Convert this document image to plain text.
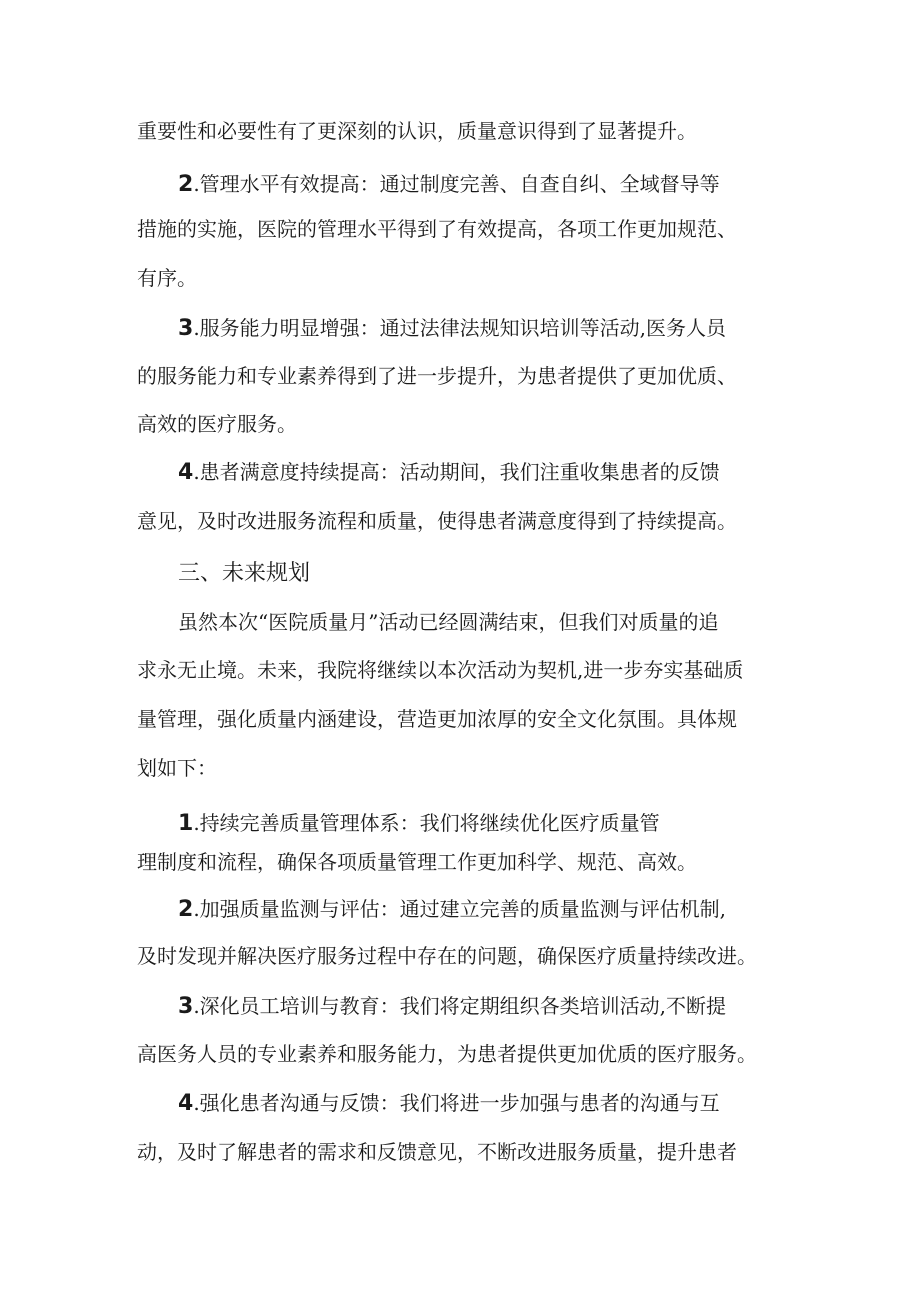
重要性和必要性有了更深刻的认识，质量意识得到了显著提升。
2.管理水平有效提高：通过制度完善、自查自纠、全域督导等
措施的实施，医院的管理水平得到了有效提高，各项工作更加规范、
有序。
3.服务能力明显增强：通过法律法规知识培训等活动,医务人员
的服务能力和专业素养得到了进一步提升，为患者提供了更加优质、
高效的医疗服务。
4.患者满意度持续提高：活动期间，我们注重收集患者的反馈
意见，及时改进服务流程和质量，使得患者满意度得到了持续提高。
三、未来规划
虽然本次“医院质量月”活动已经圆满结束，但我们对质量的追
求永无止境。未来，我院将继续以本次活动为契机,进一步夯实基础质
量管理，强化质量内涵建设，营造更加浓厚的安全文化氛围。具体规
划如下：
1.持续完善质量管理体系：我们将继续优化医疗质量管
理制度和流程，确保各项质量管理工作更加科学、规范、高效。
2.加强质量监测与评估：通过建立完善的质量监测与评估机制,
及时发现并解决医疗服务过程中存在的问题，确保医疗质量持续改进。
3.深化员工培训与教育：我们将定期组织各类培训活动,不断提
高医务人员的专业素养和服务能力，为患者提供更加优质的医疗服务。
4.强化患者沟通与反馈：我们将进一步加强与患者的沟通与互
动，及时了解患者的需求和反馈意见，不断改进服务质量，提升患者
